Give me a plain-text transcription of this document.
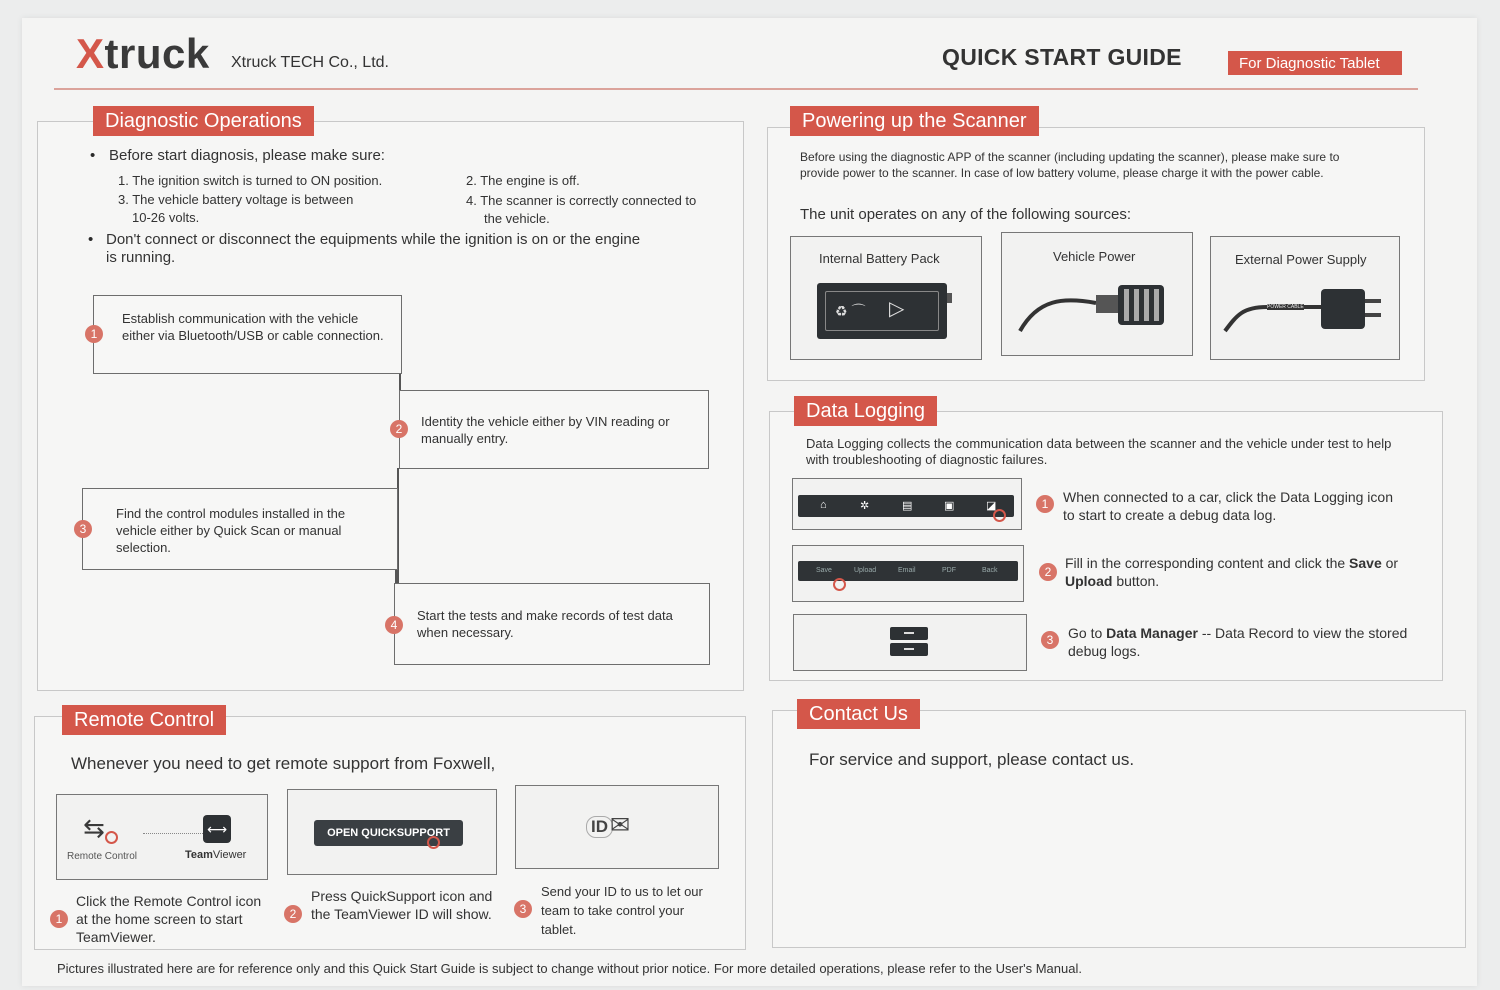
Xtruck Xtruck TECH Co., Ltd.	QUICK START GUIDE	For Diagnostic Tablet
Diagnostic Operations
• Before start diagnosis, please make sure:
1. The ignition switch is turned to ON position.	2. The engine is off.
3. The vehicle battery voltage is between
10-26 volts.
4. The scanner is correctly connected to
the vehicle.
• Don't connect or disconnect the equipments while the ignition is on or the engine
is running.
Establish communication with the vehicle either via Bluetooth/USB or cable connection.
1
Identity the vehicle either by VIN reading or manually entry.
2
Find the control modules installed in the vehicle either by Quick Scan or manual selection.
3
Start the tests and make records of test data when necessary.
4
Powering up the Scanner
Before using the diagnostic APP of the scanner (including updating the scanner), please make sure to provide power to the scanner. In case of low battery volume, please charge it with the power cable.
The unit operates on any of the following sources:
Internal Battery Pack
♻ ⌒ ▷
Vehicle Power	External Power Supply
POWER CABLE
Data Logging
Data Logging collects the communication data between the scanner and the vehicle under test to help with troubleshooting of diagnostic failures.
⌂	✲	▤	▣	◪	1	When connected to a car, click the Data Logging icon to start to create a debug data log.
Save	Upload	Email	PDF	Back	2
Fill in the corresponding content and click the Save or Upload button.
3	Go to Data Manager -- Data Record to view the stored debug logs.
Remote Control
Whenever you need to get remote support from Foxwell,
⇆	⟷
Remote Control	TeamViewer
OPEN QUICKSUPPORT	ID ✉
1
Click the Remote Control icon at the home screen to start TeamViewer.
2
Press QuickSupport icon and the TeamViewer ID will show.	3
Send your ID to us to let our team to take control your tablet.
Contact Us
For service and support, please contact us.
Pictures illustrated here are for reference only and this Quick Start Guide is subject to change without prior notice. For more detailed operations, please refer to the User's Manual.
